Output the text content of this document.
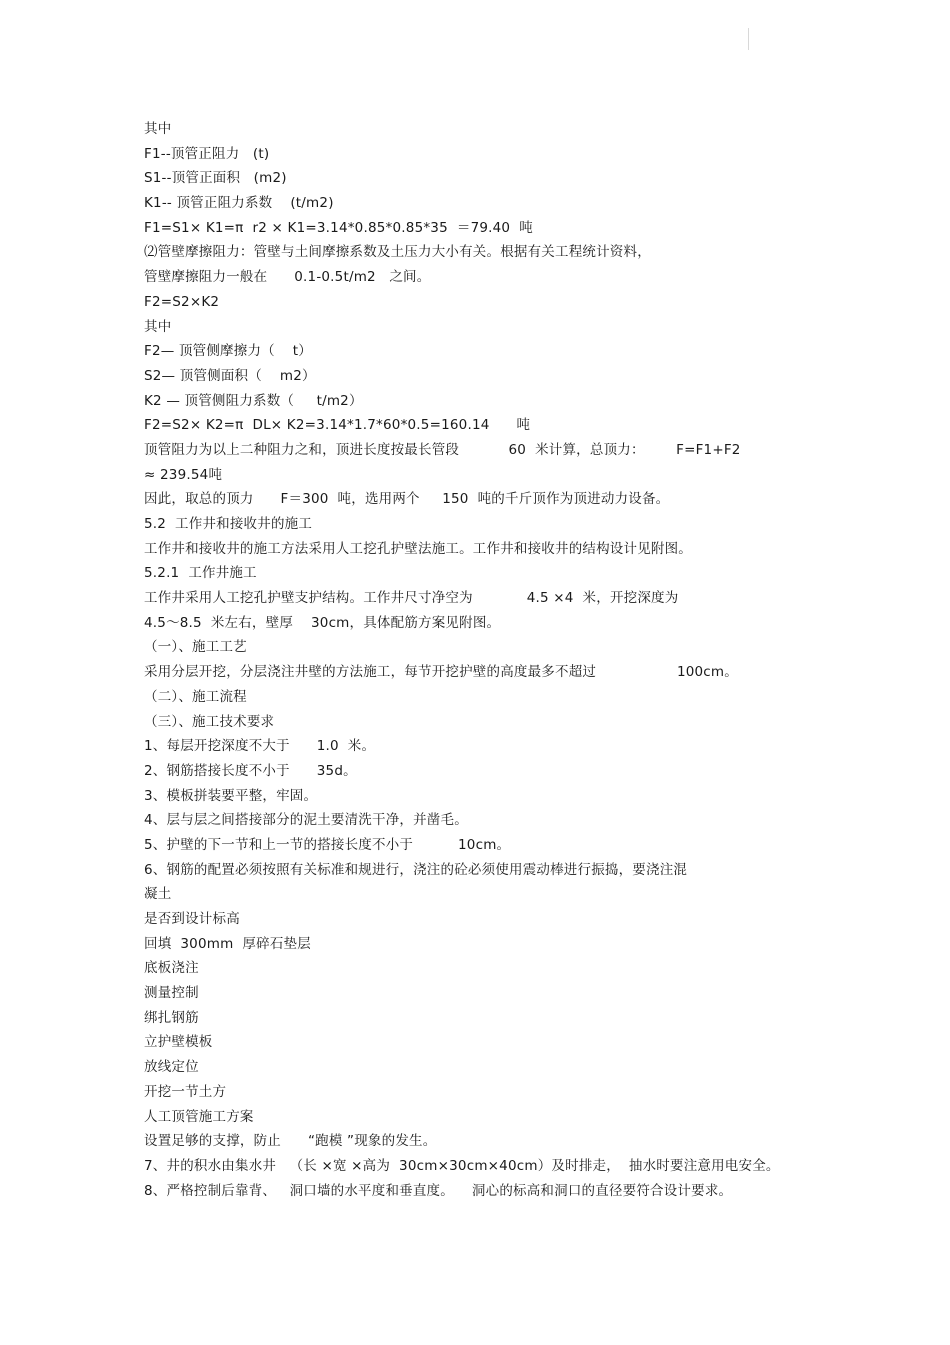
其中
F1--顶管正阻力   (t)
S1--顶管正面积   (m2)
K1-- 顶管正阻力系数    (t/m2)
F1=S1× K1=π  r2 × K1=3.14*0.85*0.85*35  ＝79.40  吨
⑵管壁摩擦阻力：管壁与土间摩擦系数及土压力大小有关。根据有关工程统计资料，
管壁摩擦阻力一般在      0.1-0.5t/m2   之间。
F2=S2×K2
其中
F2— 顶管侧摩擦力（    t）
S2— 顶管侧面积（    m2）
K2 — 顶管侧阻力系数（     t/m2）
F2=S2× K2=π  DL× K2=3.14*1.7*60*0.5=160.14      吨
顶管阻力为以上二种阻力之和，顶进长度按最长管段           60  米计算，总顶力：       F=F1+F2
≈ 239.54吨
因此，取总的顶力      F＝300  吨，选用两个     150  吨的千斤顶作为顶进动力设备。
5.2  工作井和接收井的施工
工作井和接收井的施工方法采用人工挖孔护壁法施工。工作井和接收井的结构设计见附图。
5.2.1  工作井施工
工作井采用人工挖孔护壁支护结构。工作井尺寸净空为            4.5 ×4  米，开挖深度为
4.5～8.5  米左右，壁厚    30cm，具体配筋方案见附图。
（一）、施工工艺
采用分层开挖，分层浇注井壁的方法施工，每节开挖护壁的高度最多不超过                  100cm。
（二）、施工流程
（三）、施工技术要求
1、每层开挖深度不大于      1.0  米。
2、钢筋搭接长度不小于      35d。
3、模板拼装要平整，牢固。
4、层与层之间搭接部分的泥土要清洗干净，并凿毛。
5、护壁的下一节和上一节的搭接长度不小于          10cm。
6、钢筋的配置必须按照有关标准和规进行，浇注的砼必须使用震动棒进行振捣，要浇注混
凝土
是否到设计标高
回填  300mm  厚碎石垫层
底板浇注
测量控制
绑扎钢筋
立护壁模板
放线定位
开挖一节土方
人工顶管施工方案
设置足够的支撑，防止      “跑模 ”现象的发生。
7、井的积水由集水井   （长 ×宽 ×高为  30cm×30cm×40cm）及时排走，  抽水时要注意用电安全。
8、严格控制后靠背、   洞口墙的水平度和垂直度。    洞心的标高和洞口的直径要符合设计要求。
